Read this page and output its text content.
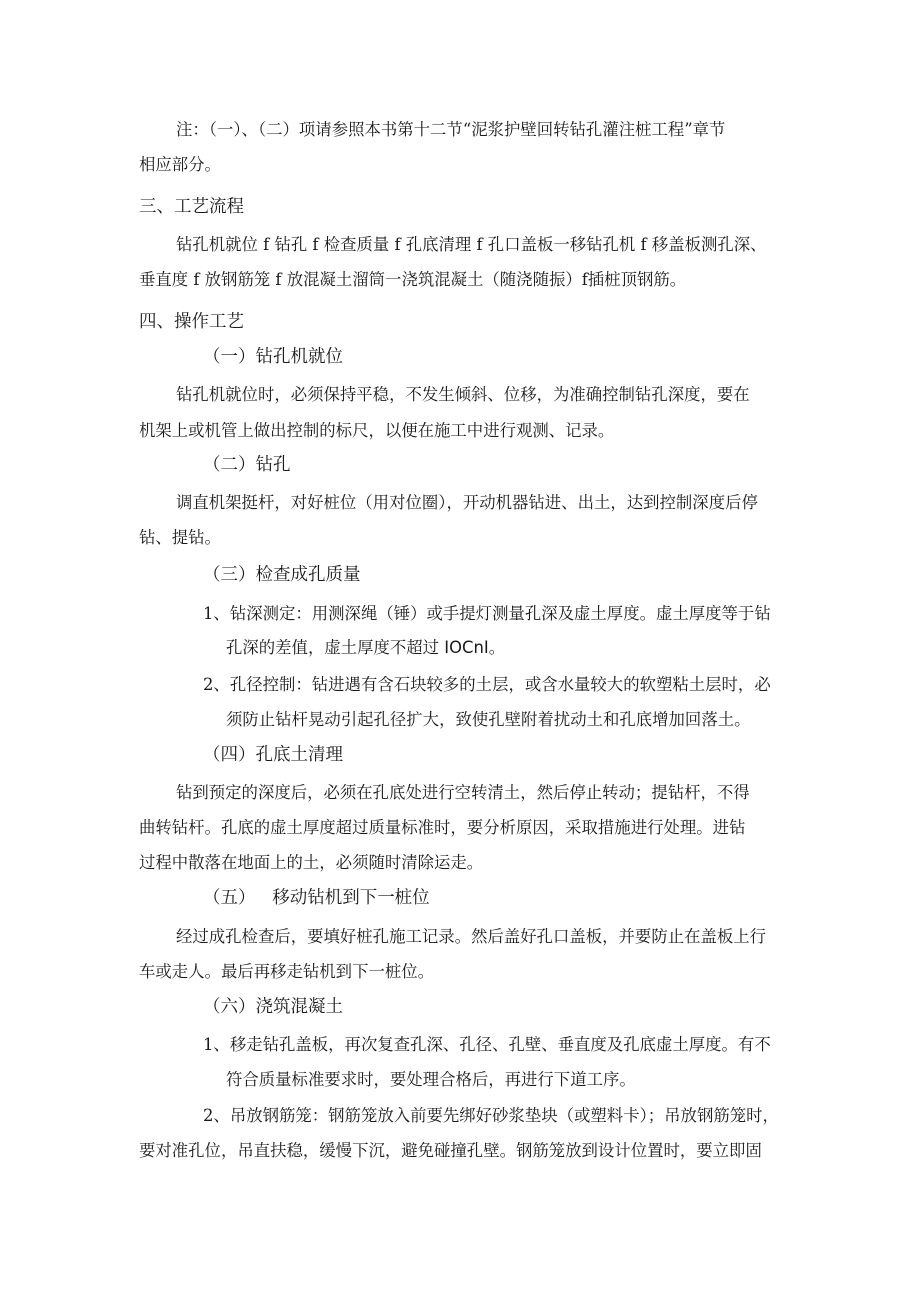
注：（一）、（二）项请参照本书第十二节“泥浆护壁回转钻孔灌注桩工程”章节
相应部分。
三、工艺流程
钻孔机就位 f 钻孔 f 检查质量 f 孔底清理 f 孔口盖板一移钻孔机 f 移盖板测孔深、
垂直度 f 放钢筋笼 f 放混凝土溜筒一浇筑混凝土（随浇随振）f插桩顶钢筋。
四、操作工艺
（一）钻孔机就位
钻孔机就位时，必须保持平稳，不发生倾斜、位移，为准确控制钻孔深度，要在
机架上或机管上做出控制的标尺，以便在施工中进行观测、记录。
（二）钻孔
调直机架挺杆，对好桩位（用对位圈），开动机器钻进、出土，达到控制深度后停
钻、提钻。
（三）检查成孔质量
1、钻深测定：用测深绳（锤）或手提灯测量孔深及虚土厚度。虚土厚度等于钻
孔深的差值，虚土厚度不超过 IOCnI。
2、孔径控制：钻进遇有含石块较多的土层，或含水量较大的软塑粘土层时，必
须防止钻杆晃动引起孔径扩大，致使孔壁附着扰动土和孔底增加回落土。
（四）孔底土清理
钻到预定的深度后，必须在孔底处进行空转清土，然后停止转动；提钻杆，不得
曲转钻杆。孔底的虚土厚度超过质量标准时，要分析原因，采取措施进行处理。进钻
过程中散落在地面上的土，必须随时清除运走。
（五）   移动钻机到下一桩位
经过成孔检查后，要填好桩孔施工记录。然后盖好孔口盖板，并要防止在盖板上行
车或走人。最后再移走钻机到下一桩位。
（六）浇筑混凝土
1、移走钻孔盖板，再次复查孔深、孔径、孔壁、垂直度及孔底虚土厚度。有不
符合质量标准要求时，要处理合格后，再进行下道工序。
2、吊放钢筋笼：钢筋笼放入前要先绑好砂浆垫块（或塑料卡）；吊放钢筋笼时，
要对准孔位，吊直扶稳，缓慢下沉，避免碰撞孔壁。钢筋笼放到设计位置时，要立即固
